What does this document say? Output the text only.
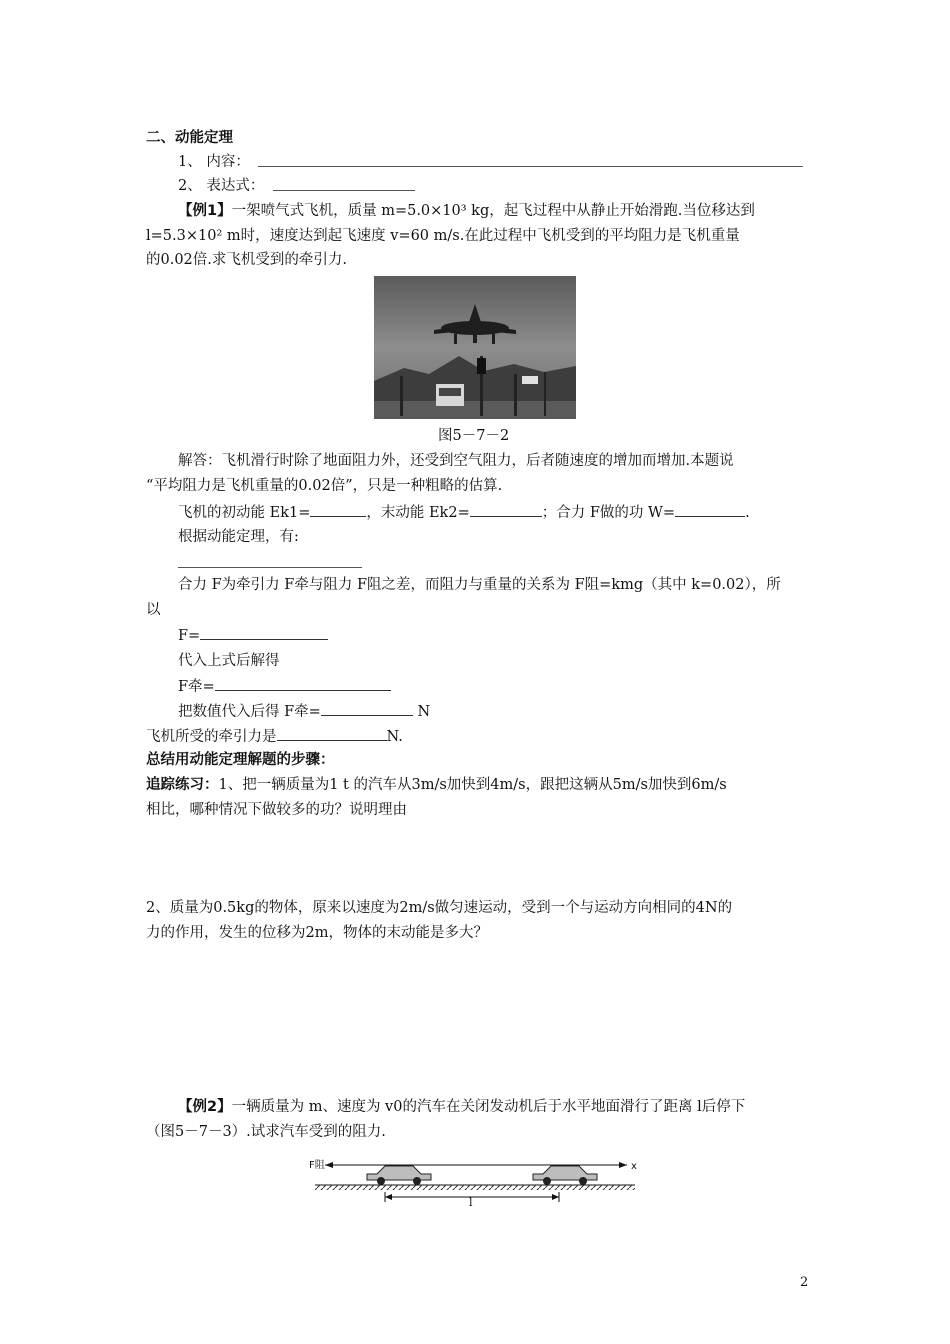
二、动能定理
1、 内容：
2、 表达式：
【例1】一架喷气式飞机，质量 m=5.0×10³ kg，起飞过程中从静止开始滑跑.当位移达到
l=5.3×10² m时，速度达到起飞速度 v=60 m/s.在此过程中飞机受到的平均阻力是飞机重量
的0.02倍.求飞机受到的牵引力.
图5－7－2
解答：飞机滑行时除了地面阻力外，还受到空气阻力，后者随速度的增加而增加.本题说
“平均阻力是飞机重量的0.02倍”，只是一种粗略的估算.
飞机的初动能 Ek1=	，末动能 Ek2=	；合力 F做的功 W=	.
根据动能定理，有:
合力 F为牵引力 F牵与阻力 F阻之差，而阻力与重量的关系为 F阻=kmg（其中 k=0.02），所
以
F=
代入上式后解得
F牵=
把数值代入后得 F牵=	N
飞机所受的牵引力是	N.
总结用动能定理解题的步骤：
追踪练习：1、把一辆质量为1 t 的汽车从3m/s加快到4m/s，跟把这辆从5m/s加快到6m/s
相比，哪种情况下做较多的功？说明理由
2、质量为0.5kg的物体，原来以速度为2m/s做匀速运动，受到一个与运动方向相同的4N的
力的作用，发生的位移为2m，物体的末动能是多大？
【例2】一辆质量为 m、速度为 v0的汽车在关闭发动机后于水平地面滑行了距离 l后停下
（图5－7－3）.试求汽车受到的阻力.
F阻	x
l
2
